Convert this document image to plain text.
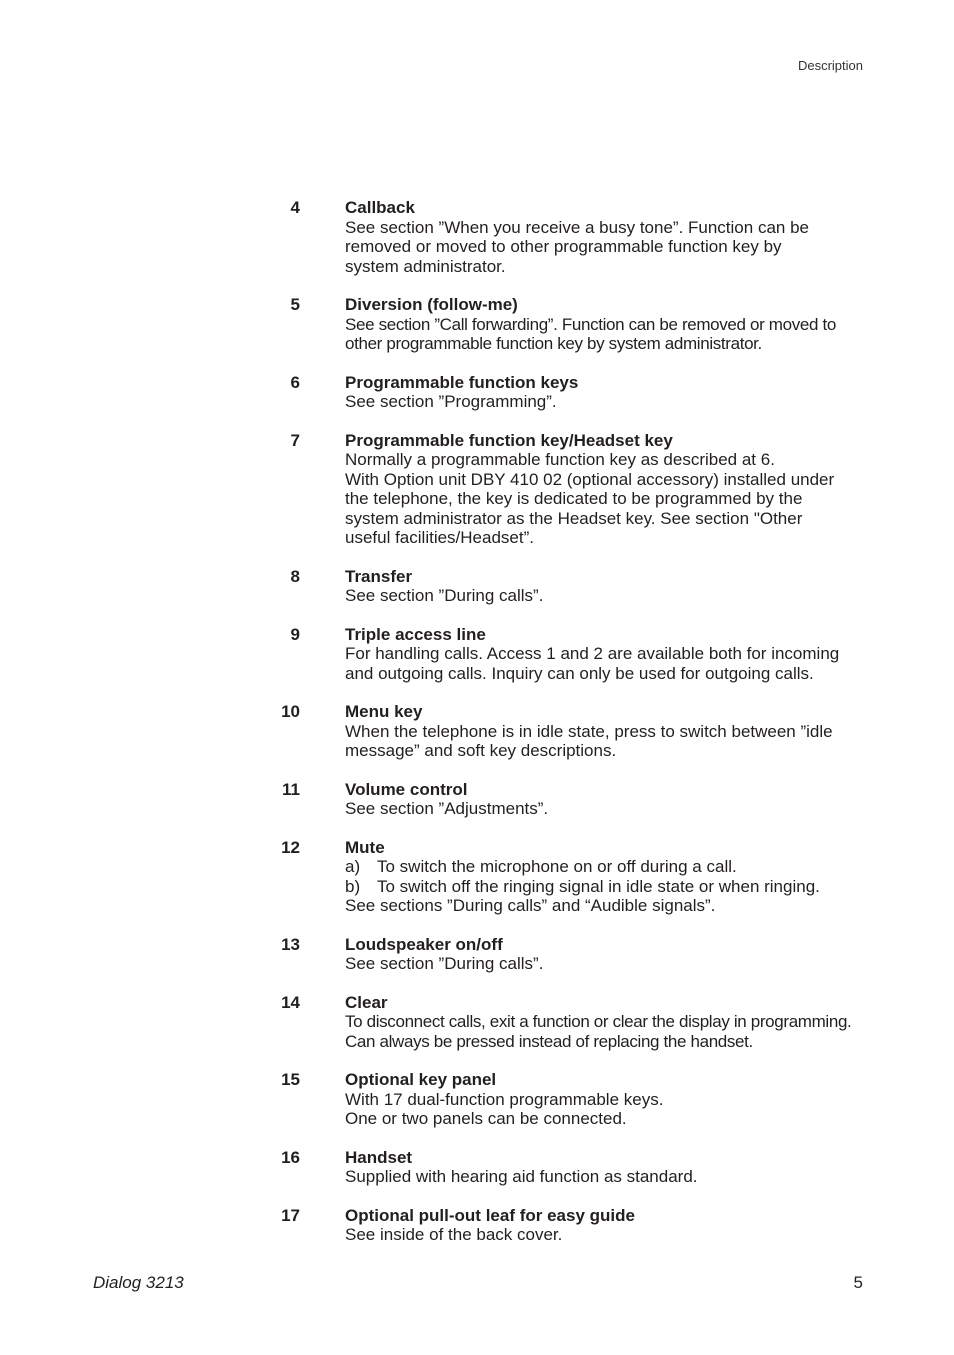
Description
4	Callback
See section ”When you receive a busy tone”. Function can be
removed or moved to other programmable function key by
system administrator.
5	Diversion (follow-me)
See section ”Call forwarding”. Function can be removed or moved to
other programmable function key by system administrator.
6	Programmable function keys
See section ”Programming”.
7	Programmable function key/Headset key
Normally a programmable function key as described at 6.
With Option unit DBY 410 02 (optional accessory) installed under
the telephone, the key is dedicated to be programmed by the
system administrator as the Headset key. See section "Other
useful facilities/Headset”.
8	Transfer
See section ”During calls”.
9	Triple access line
For handling calls. Access 1 and 2 are available both for incoming
and outgoing calls. Inquiry can only be used for outgoing calls.
10	Menu key
When the telephone is in idle state, press to switch between ”idle
message” and soft key descriptions.
11	Volume control
See section ”Adjustments”.
12	Mute
a) To switch the microphone on or off during a call.
b) To switch off the ringing signal in idle state or when ringing.
See sections ”During calls” and “Audible signals”.
13	Loudspeaker on/off
See section ”During calls”.
14	Clear
To disconnect calls, exit a function or clear the display in programming.
Can always be pressed instead of replacing the handset.
15	Optional key panel
With 17 dual-function programmable keys.
One or two panels can be connected.
16	Handset
Supplied with hearing aid function as standard.
17	Optional pull-out leaf for easy guide
See inside of the back cover.
Dialog 3213	5
